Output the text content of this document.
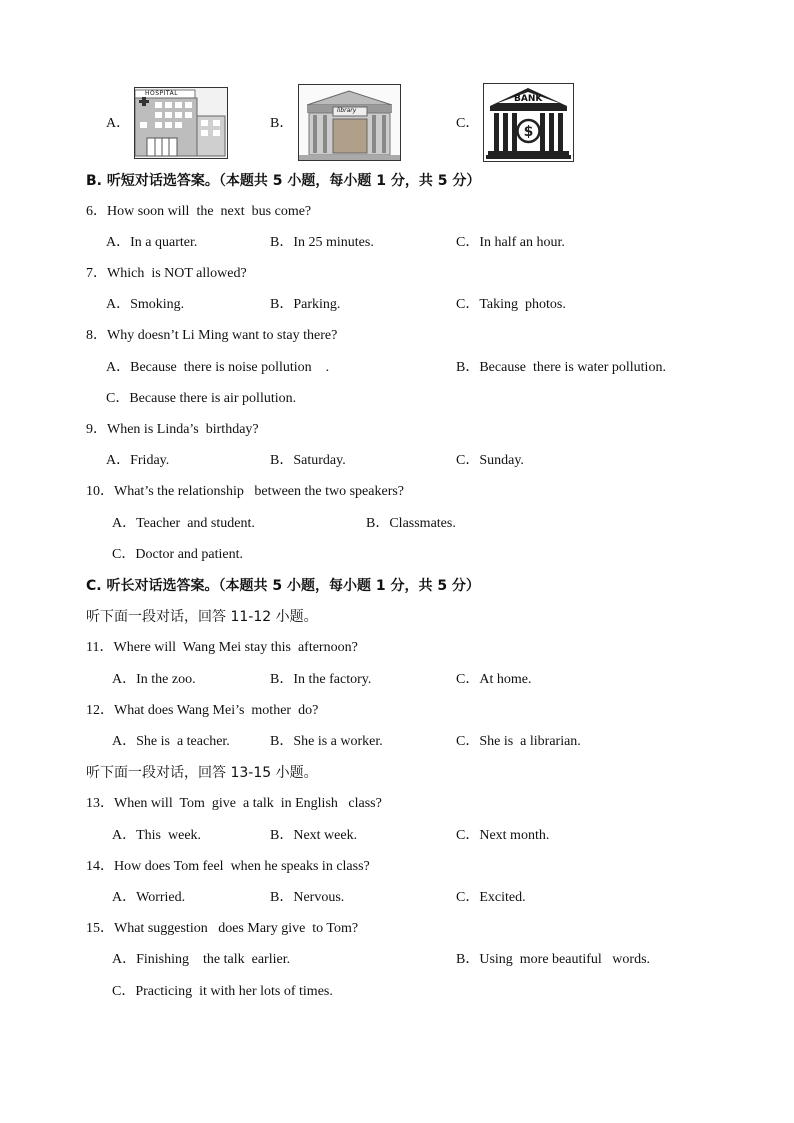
A．
HOSPITAL
B．
library
C．
$
BANK
B. 听短对话选答案。（本题共 5 小题，每小题 1 分，共 5 分）
6．How soon will  the  next  bus come?
A．In a quarter.	B．In 25 minutes.	C．In half an hour.
7．Which  is NOT allowed?
A．Smoking.	B．Parking.	C．Taking  photos.
8．Why doesn’t Li Ming want to stay there?
A．Because  there is noise pollution    .	B．Because  there is water pollution.
C．Because there is air pollution.
9．When is Linda’s  birthday?
A．Friday.	B．Saturday.	C．Sunday.
10．What’s the relationship   between the two speakers?
A．Teacher  and student.	B．Classmates.
C．Doctor and patient.
C. 听长对话选答案。（本题共 5 小题，每小题 1 分，共 5 分）
听下面一段对话，回答 11-12 小题。
11．Where will  Wang Mei stay this  afternoon?
A．In the zoo.	B．In the factory.	C．At home.
12．What does Wang Mei’s  mother  do?
A．She is  a teacher.	B．She is a worker.	C．She is  a librarian.
听下面一段对话，回答 13-15 小题。
13．When will  Tom  give  a talk  in English   class?
A．This  week.	B．Next week.	C．Next month.
14．How does Tom feel  when he speaks in class?
A．Worried.	B．Nervous.	C．Excited.
15．What suggestion   does Mary give  to Tom?
A．Finishing    the talk  earlier.	B．Using  more beautiful   words.
C．Practicing  it with her lots of times.
